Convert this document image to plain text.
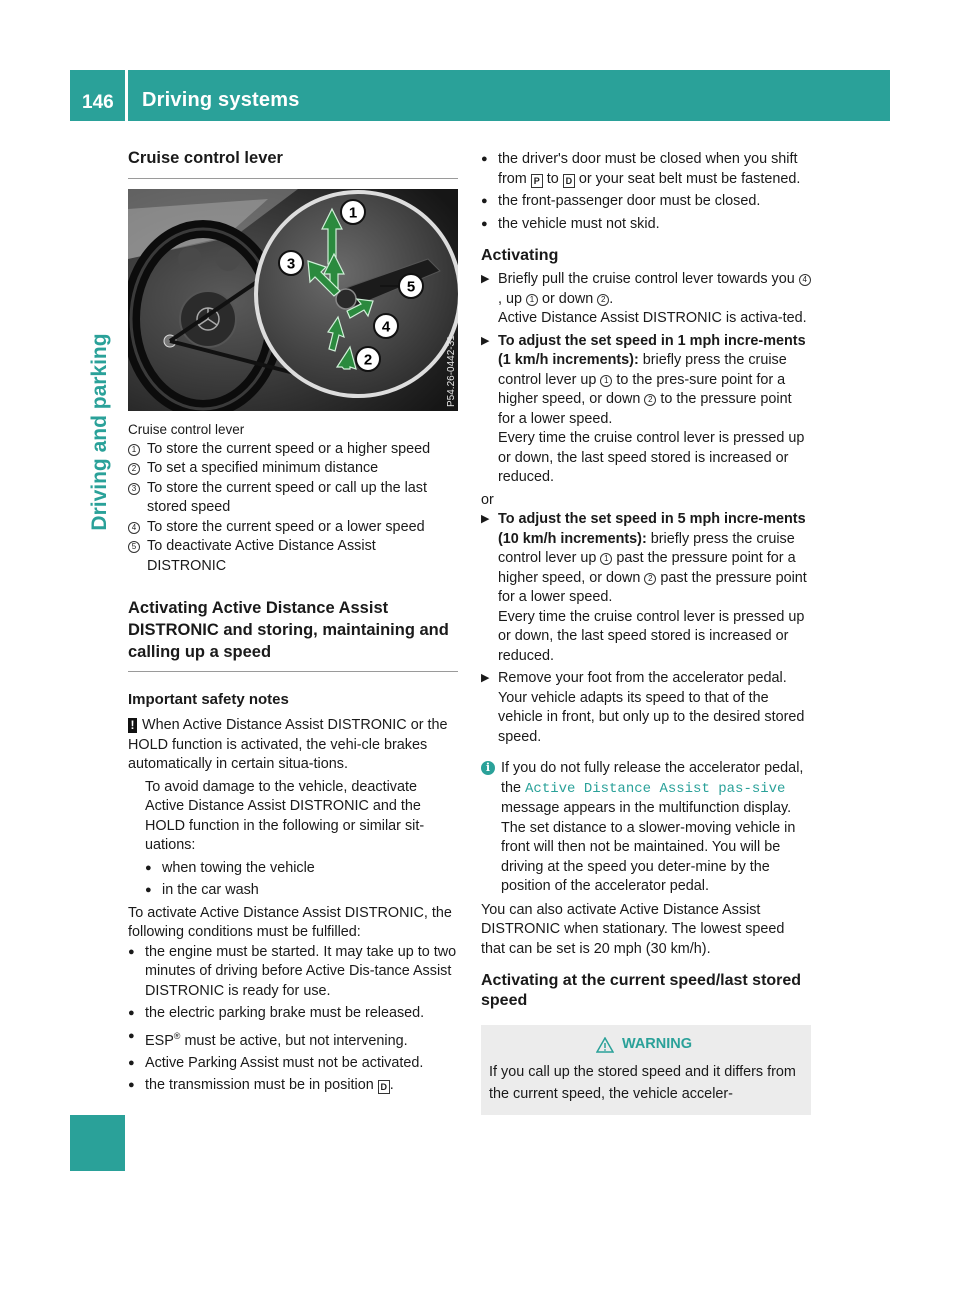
146 Driving systems
Driving and parking
Cruise control lever
1
3
5
4
2	P54.26-0442-31

Cruise control lever

1 To store the current speed or a higher speed
2 To set a specified minimum distance
3 To store the current speed or call up the last stored speed
4 To store the current speed or a lower speed
5 To deactivate Active Distance Assist DISTRONIC
Activating Active Distance Assist DISTRONIC and storing, maintaining and calling up a speed
Important safety notes

! When Active Distance Assist DISTRONIC or the HOLD function is activated, the vehi-cle brakes automatically in certain situa-tions.

To avoid damage to the vehicle, deactivate Active Distance Assist DISTRONIC and the HOLD function in the following or similar sit-uations:

● when towing the vehicle
● in the car wash

To activate Active Distance Assist DISTRONIC, the following conditions must be fulfilled:

● the engine must be started. It may take up to two minutes of driving before Active Dis-tance Assist DISTRONIC is ready for use.
● the electric parking brake must be released.
● ESP® must be active, but not intervening.
● Active Parking Assist must not be activated.
● the transmission must be in position D .
● the driver's door must be closed when you shift from P to D or your seat belt must be fastened.
● the front-passenger door must be closed.
● the vehicle must not skid.
Activating
▶ Briefly pull the cruise control lever towards you 4, up 1 or down 2 .
Active Distance Assist DISTRONIC is activa-ted.
▶ To adjust the set speed in 1 mph incre-ments (1 km/h increments): briefly press the cruise control lever up 1 to the pres-sure point for a higher speed, or down 2 to the pressure point for a lower speed.
Every time the cruise control lever is pressed up or down, the last speed stored is increased or reduced.

or

▶ To adjust the set speed in 5 mph incre-ments (10 km/h increments): briefly press the cruise control lever up 1 past the pressure point for a higher speed, or down 2 past the pressure point for a lower speed.
Every time the cruise control lever is pressed up or down, the last speed stored is increased or reduced.
▶ Remove your foot from the accelerator pedal.
Your vehicle adapts its speed to that of the vehicle in front, but only up to the desired stored speed.
i If you do not fully release the accelerator pedal, the Active Distance Assist pas‐sive message appears in the multifunction display. The set distance to a slower-moving vehicle in front will then not be maintained. You will be driving at the speed you deter-mine by the position of the accelerator pedal.

You can also activate Active Distance Assist DISTRONIC when stationary. The lowest speed that can be set is 20 mph (30 km/h).

Activating at the current speed/last stored speed
WARNING

If you call up the stored speed and it differs from the current speed, the vehicle acceler-
